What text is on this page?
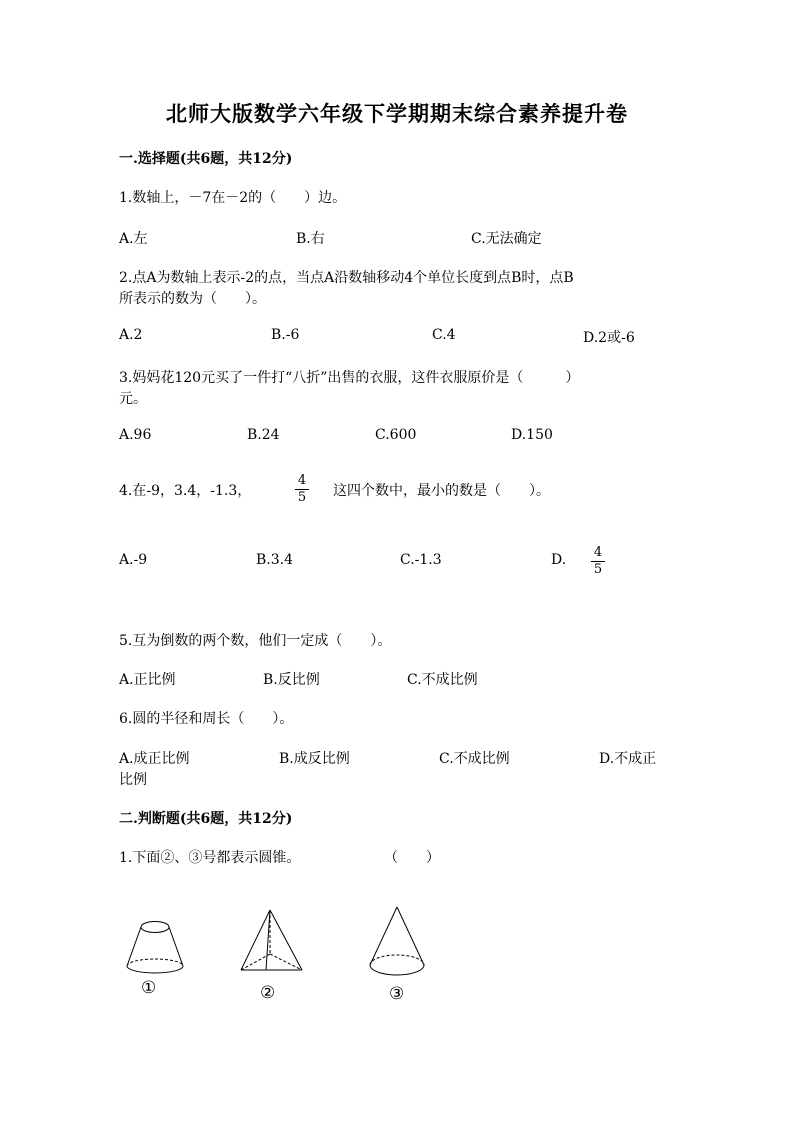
北师大版数学六年级下学期期末综合素养提升卷
一.选择题(共6题，共12分)
1.数轴上，－7在－2的（　　）边。
A.左	B.右	C.无法确定
2.点A为数轴上表示-2的点，当点A沿数轴移动4个单位长度到点B时，点B
所表示的数为（　　）。
A.2	B.-6	C.4	D.2或-6
3.妈妈花120元买了一件打“八折”出售的衣服，这件衣服原价是（　　　）
元。
A.96	B.24	C.600	D.150
4.在-9，3.4，-1.3，
4
5 这四个数中，最小的数是（　　）。
A.-9	B.3.4	C.-1.3	D. 4
5
5.互为倒数的两个数，他们一定成（　　）。
A.正比例	B.反比例	C.不成比例
6.圆的半径和周长（　　）。
A.成正比例	B.成反比例	C.不成比例	D.不成正
比例
二.判断题(共6题，共12分)
1.下面②、③号都表示圆锥。	（　　）
①	②	③
